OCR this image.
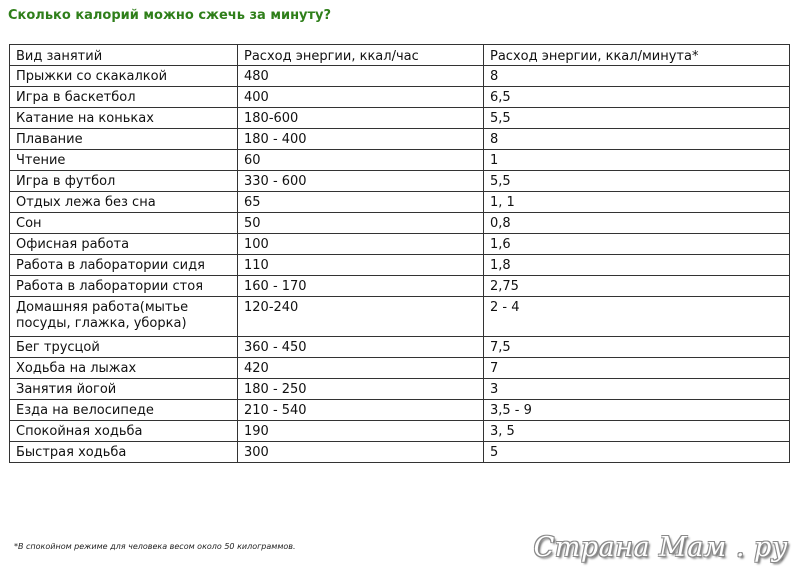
Сколько калорий можно сжечь за минуту?
Вид занятий	Расход энергии, ккал/час	Расход энергии, ккал/минута*
Прыжки со скакалкой	480	8
Игра в баскетбол	400	6,5
Катание на коньках	180-600	5,5
Плавание	180 - 400	8
Чтение	60	1
Игра в футбол	330 - 600	5,5
Отдых лежа без сна	65	1, 1
Сон	50	0,8
Офисная работа	100	1,6
Работа в лаборатории сидя	110	1,8
Работа в лаборатории стоя	160 - 170	2,75
Домашняя работа(мытье посуды, глажка, уборка)	120-240	2 - 4
Бег трусцой	360 - 450	7,5
Ходьба на лыжах	420	7
Занятия йогой	180 - 250	3
Езда на велосипеде	210 - 540	3,5 - 9
Спокойная ходьба	190	3, 5
Быстрая ходьба	300	5
*В спокойном режиме для человека весом около 50 килограммов.	Страна Мам . ру
